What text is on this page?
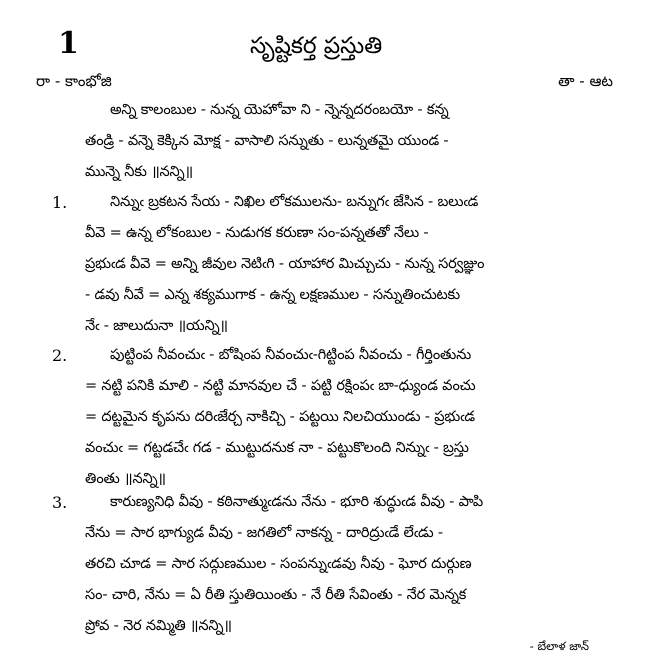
1	సృష్టికర్త ప్రస్తుతి
రా - కాంభోజి	తా - ఆట
అన్ని కాలంబుల - నున్న యెహోవా ని - న్నెన్నదరంబయో - కన్న
తండ్రి - వన్నె కెక్కిన మోక్ష - వాసాలి సన్నుతు - లున్నతమై యుండ -
మున్నె నీకు ॥నన్ని॥
1.	నిన్నుఁ బ్రకటన సేయ - నిఖిల లోకములను- బన్నుగఁ జేసిన - బలుఁడ
వీవె = ఉన్న లోకంబుల - నుడుగక కరుణా సం-పన్నతతో నేలు -
ప్రభుఁడ వీవె = అన్ని జీవుల నెటిఁగి - యాహార మిచ్చుచు - నున్న సర్వజ్ఞుం
- డవు నీవే = ఎన్న శక్యముగాక - ఉన్న లక్షణముల - సన్నుతించుటకు
నేఁ - జాలుదునా ॥యన్ని॥
2.	పుట్టింప నీవంచుఁ - బోషింప నీవంచుఁ-గిట్టింప నీవంచు - గీర్తింతును
= నట్టి పనికి మాలి - నట్టి మానవుల చే - పట్టి రక్షింపఁ బా-ధ్యుండ వంచు
= దట్టమైన కృపను దరిఁజేర్చ నాకిచ్చి - పట్టయి నిలచియుండు - ప్రభుఁడ
వంచుఁ = గట్టడచేఁ గడ - ముట్టుదనుక నా - పట్టుకొలంది నిన్నుఁ - బ్రస్తు
తింతు ॥నన్ని॥
3.	కారుణ్యనిధి వీవు - కఠినాత్ముఁడను నేను - భూరి శుద్ధుఁడ వీవు - పాపి
నేను = సార భాగ్యుడ వీవు - జగతిలో నాకన్న - దారిద్రుఁడే లేఁడు -
తరచి చూడ = సార సద్గుణముల - సంపన్నుఁడవు నీవు - ఘోర దుర్గుణ
సం- చారి, నేను = ఏ రీతి స్తుతియింతు - నే రీతి సేవింతు - నేర మెన్నక
ప్రోవ - నెర నమ్మితి ॥నన్ని॥
- బేలాళ జాన్
